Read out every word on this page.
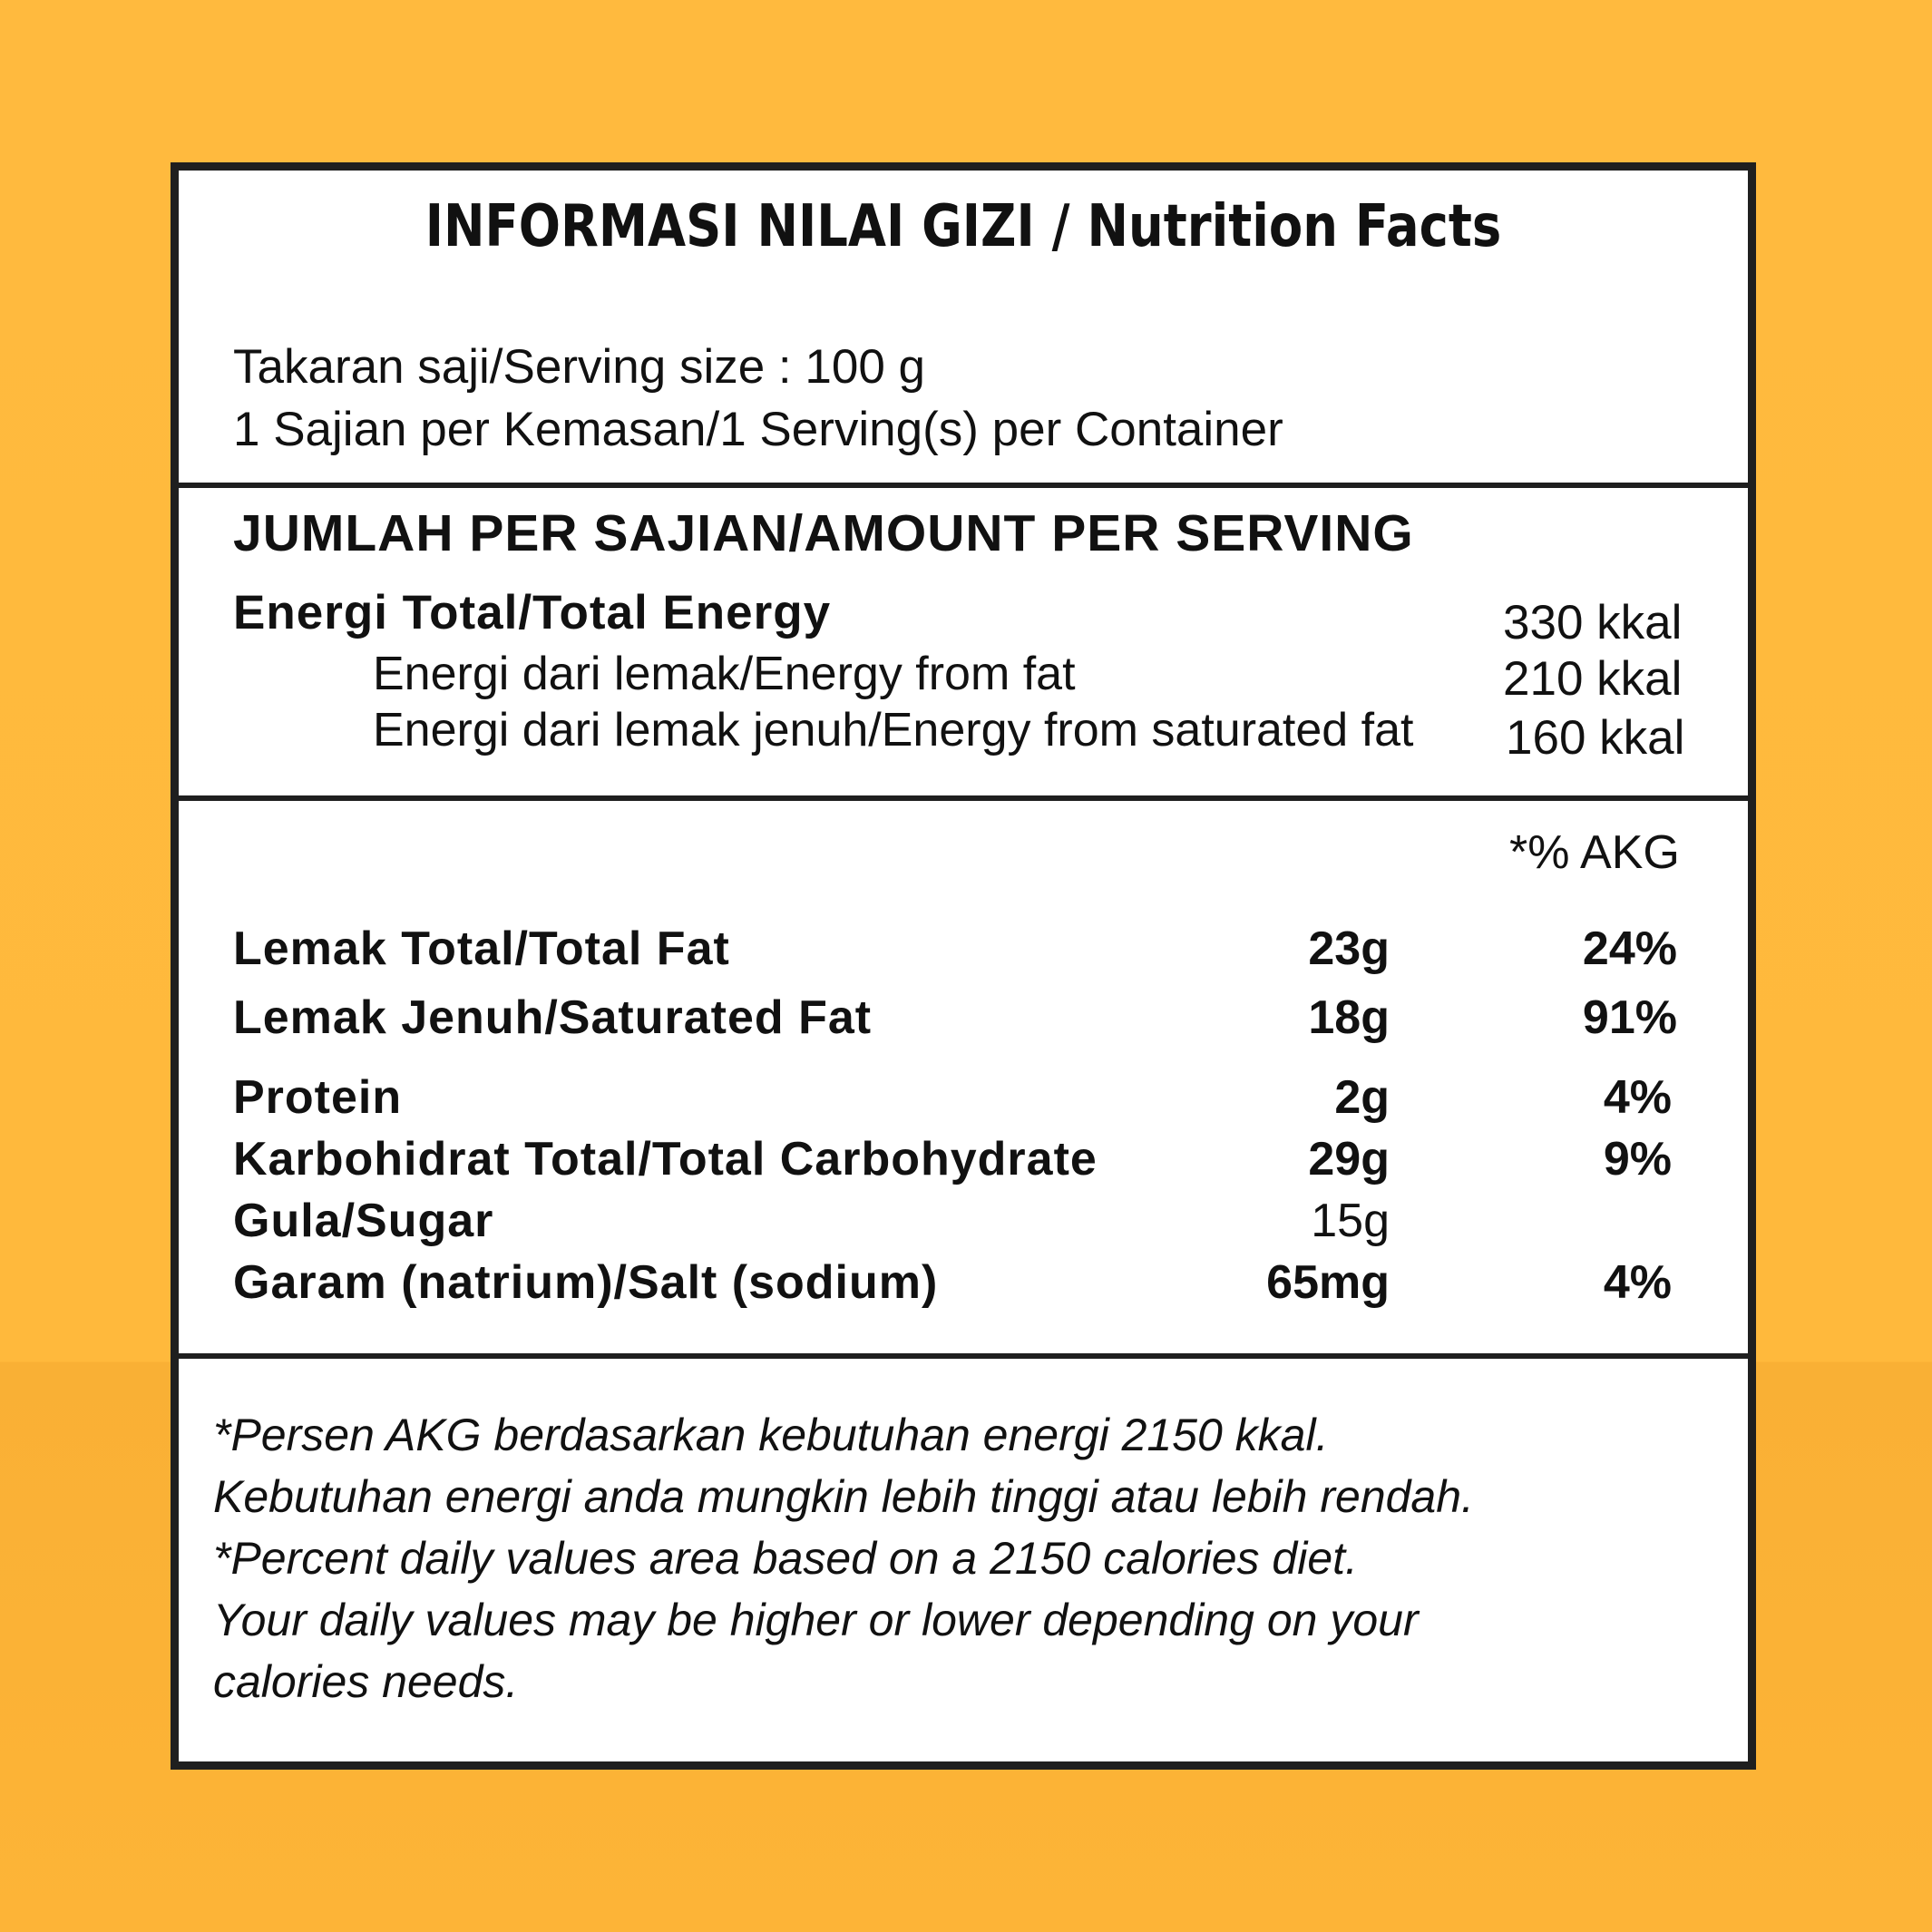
INFORMASI NILAI GIZI / Nutrition Facts
Takaran saji/Serving size : 100 g
1 Sajian per Kemasan/1 Serving(s) per Container
JUMLAH PER SAJIAN/AMOUNT PER SERVING
Energi Total/Total Energy	330 kkal
Energi dari lemak/Energy from fat	210 kkal
Energi dari lemak jenuh/Energy from saturated fat 160 kkal
*% AKG
Lemak Total/Total Fat	23g	24%
Lemak Jenuh/Saturated Fat	18g	91%
Protein	2g	4%
Karbohidrat Total/Total Carbohydrate	29g	9%
Gula/Sugar	15g
Garam (natrium)/Salt (sodium)	65mg	4%
*Persen AKG berdasarkan kebutuhan energi 2150 kkal.
Kebutuhan energi anda mungkin lebih tinggi atau lebih rendah.
*Percent daily values area based on a 2150 calories diet.
Your daily values may be higher or lower depending on your
calories needs.
